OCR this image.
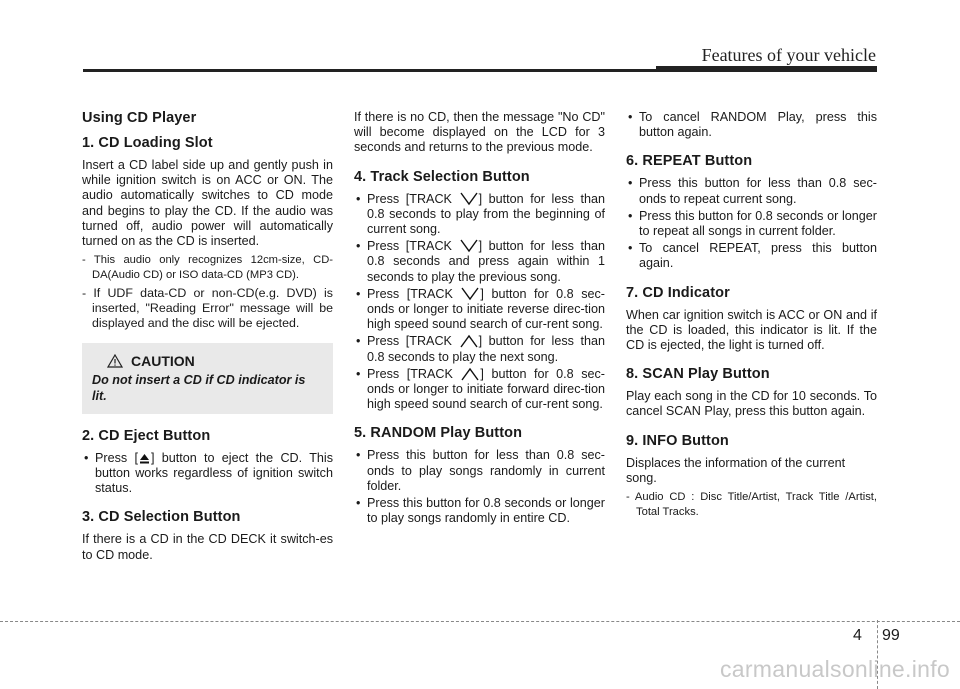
Features of your vehicle
Using CD Player
1. CD Loading Slot

Insert a CD label side up and gently push in while ignition switch is on ACC or ON. The audio automatically switches to CD mode and begins to play the CD. If the audio was turned off, audio power will automatically turned on as the CD is inserted.

- This audio only recognizes 12cm-size, CD-DA(Audio CD) or ISO data-CD (MP3 CD).
- If UDF data-CD or non-CD(e.g. DVD) is inserted, "Reading Error" message will be displayed and the disc will be ejected.
CAUTION

Do not insert a CD if CD indicator is lit.

2. CD Eject Button
• Press [ ] button to eject the CD. This button works regardless of ignition switch status.
3. CD Selection Button

If there is a CD in the CD DECK it switch-es to CD mode.

If there is no CD, then the message "No CD" will become displayed on the LCD for 3 seconds and returns to the previous mode.

4. Track Selection Button
• Press [TRACK ] button for less than 0.8 seconds to play from the beginning of current song.
• Press [TRACK ] button for less than 0.8 seconds and press again within 1 seconds to play the previous song.
• Press [TRACK ] button for 0.8 sec-onds or longer to initiate reverse direc-tion high speed sound search of cur-rent song.
• Press [TRACK ] button for less than 0.8 seconds to play the next song.
• Press [TRACK ] button for 0.8 sec-onds or longer to initiate forward direc-tion high speed sound search of cur-rent song.
5. RANDOM Play Button
• Press this button for less than 0.8 sec-onds to play songs randomly in current folder.
• Press this button for 0.8 seconds or longer to play songs randomly in entire CD.
• To cancel RANDOM Play, press this button again.
6. REPEAT Button
• Press this button for less than 0.8 sec-onds to repeat current song.
• Press this button for 0.8 seconds or longer to repeat all songs in current folder.
• To cancel REPEAT, press this button again.
7. CD Indicator

When car ignition switch is ACC or ON and if the CD is loaded, this indicator is lit. If the CD is ejected, the light is turned off.

8. SCAN Play Button

Play each song in the CD for 10 seconds. To cancel SCAN Play, press this button again.

9. INFO Button

Displaces the information of the current song.

- Audio CD : Disc Title/Artist, Track Title /Artist, Total Tracks.
4 99
carmanualsonline.info
